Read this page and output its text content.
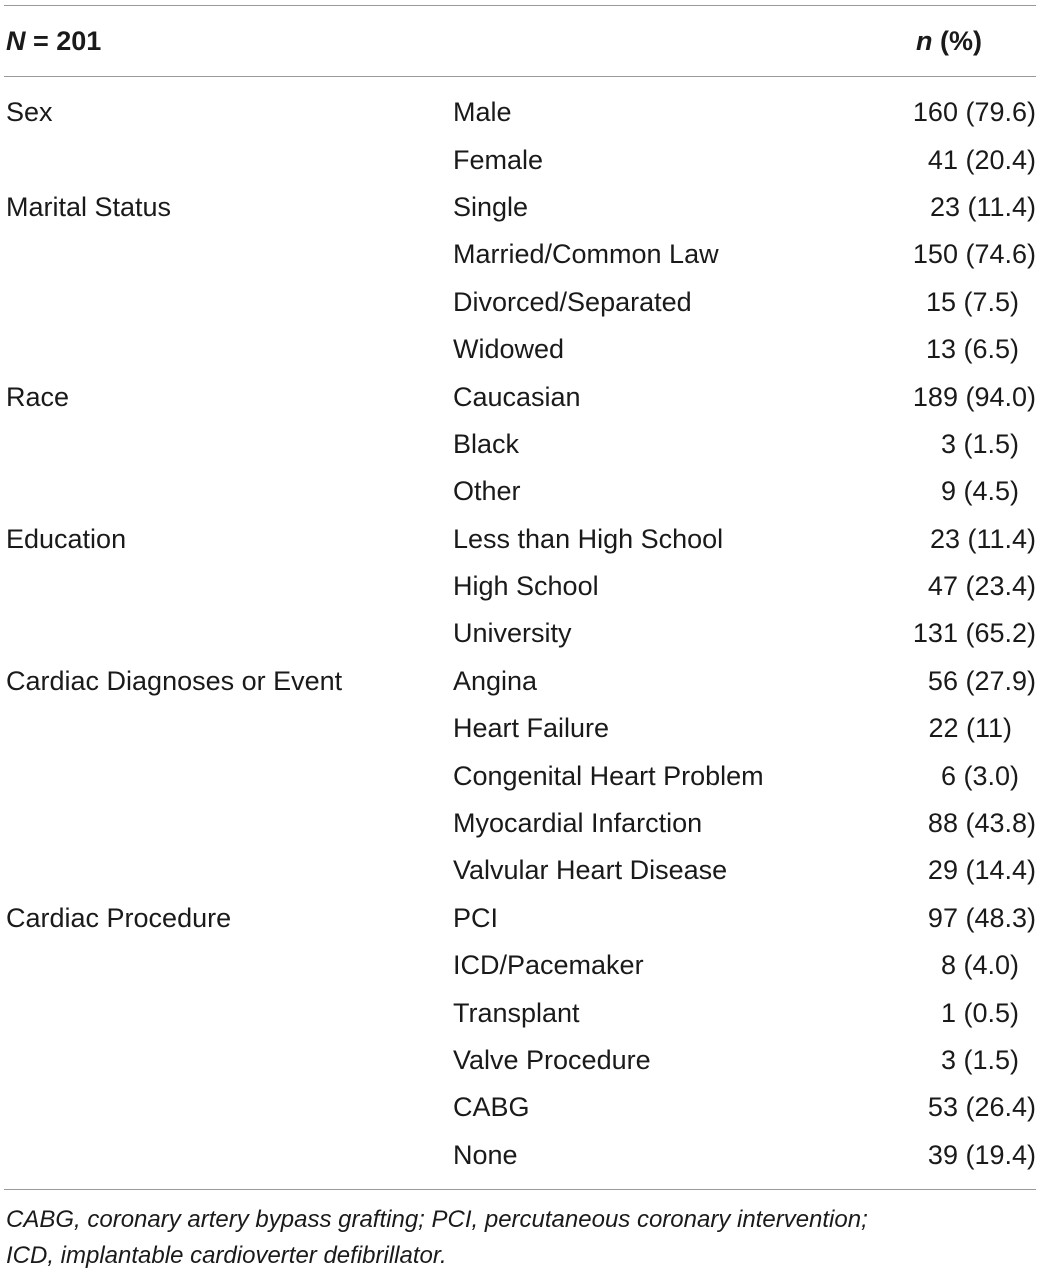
N = 201	n (%)
Sex	Male	160 (79.6)
Female	41 (20.4)
Marital Status	Single	23 (11.4)
Married/Common Law	150 (74.6)
Divorced/Separated	15 (7.5)
Widowed	13 (6.5)
Race	Caucasian	189 (94.0)
Black	3 (1.5)
Other	9 (4.5)
Education	Less than High School	23 (11.4)
High School	47 (23.4)
University	131 (65.2)
Cardiac Diagnoses or Event	Angina	56 (27.9)
Heart Failure	22 (11)
Congenital Heart Problem	6 (3.0)
Myocardial Infarction	88 (43.8)
Valvular Heart Disease	29 (14.4)
Cardiac Procedure	PCI	97 (48.3)
ICD/Pacemaker	8 (4.0)
Transplant	1 (0.5)
Valve Procedure	3 (1.5)
CABG	53 (26.4)
None	39 (19.4)
CABG, coronary artery bypass grafting; PCI, percutaneous coronary intervention;
ICD, implantable cardioverter defibrillator.
